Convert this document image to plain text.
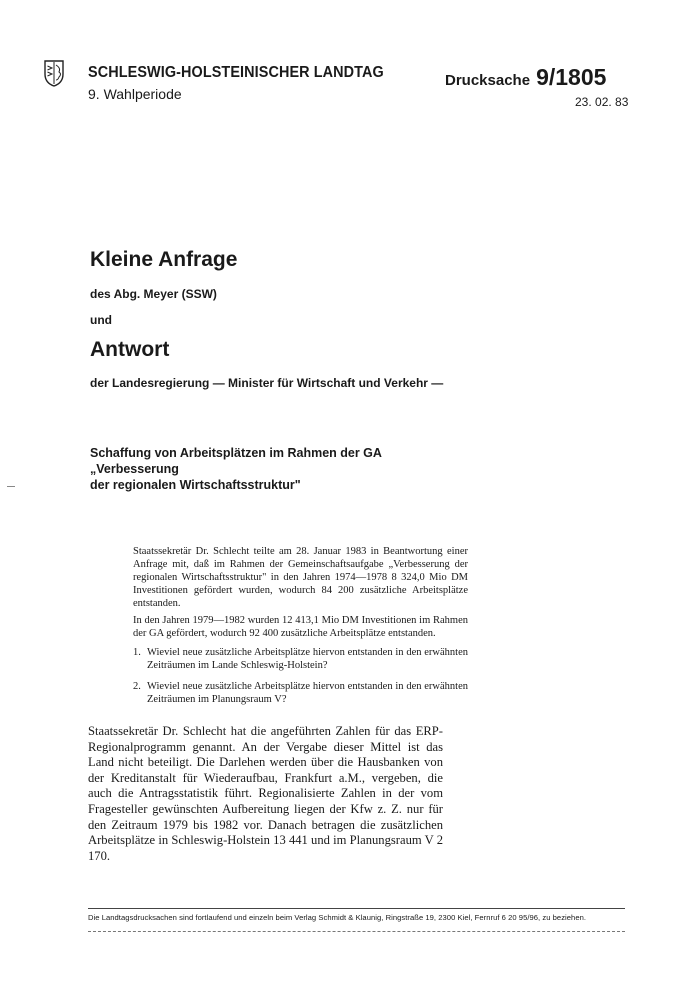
SCHLESWIG-HOLSTEINISCHER LANDTAG
9. Wahlperiode
Drucksache 9/1805
23. 02. 83
Kleine Anfrage
des Abg. Meyer (SSW)
und
Antwort
der Landesregierung — Minister für Wirtschaft und Verkehr —
Schaffung von Arbeitsplätzen im Rahmen der GA „Verbesserung
der regionalen Wirtschaftsstruktur"

Staatssekretär Dr. Schlecht teilte am 28. Januar 1983 in Beantwortung einer Anfrage mit, daß im Rahmen der Gemeinschaftsaufgabe „Verbesserung der regionalen Wirtschaftsstruktur" in den Jahren 1974—1978 8 324,0 Mio DM Investitionen gefördert wurden, wodurch 84 200 zusätzliche Arbeitsplätze entstanden.

In den Jahren 1979—1982 wurden 12 413,1 Mio DM Investitionen im Rahmen der GA gefördert, wodurch 92 400 zusätzliche Arbeitsplätze entstanden.

1. Wieviel neue zusätzliche Arbeitsplätze hiervon entstanden in den erwähnten Zeiträumen im Lande Schleswig-Holstein?
2. Wieviel neue zusätzliche Arbeitsplätze hiervon entstanden in den erwähnten Zeiträumen im Planungsraum V?

Staatssekretär Dr. Schlecht hat die angeführten Zahlen für das ERP-Regionalprogramm genannt. An der Vergabe dieser Mittel ist das Land nicht beteiligt. Die Darlehen werden über die Hausbanken von der Kreditanstalt für Wiederaufbau, Frankfurt a.M., vergeben, die auch die Antragsstatistik führt. Regionalisierte Zahlen in der vom Fragesteller gewünschten Aufbereitung liegen der Kfw z. Z. nur für den Zeitraum 1979 bis 1982 vor. Danach betragen die zusätzlichen Arbeitsplätze in Schleswig-Holstein 13 441 und im Planungsraum V 2 170.

Die Landtagsdrucksachen sind fortlaufend und einzeln beim Verlag Schmidt & Klaunig, Ringstraße 19, 2300 Kiel, Fernruf 6 20 95/96, zu beziehen.
